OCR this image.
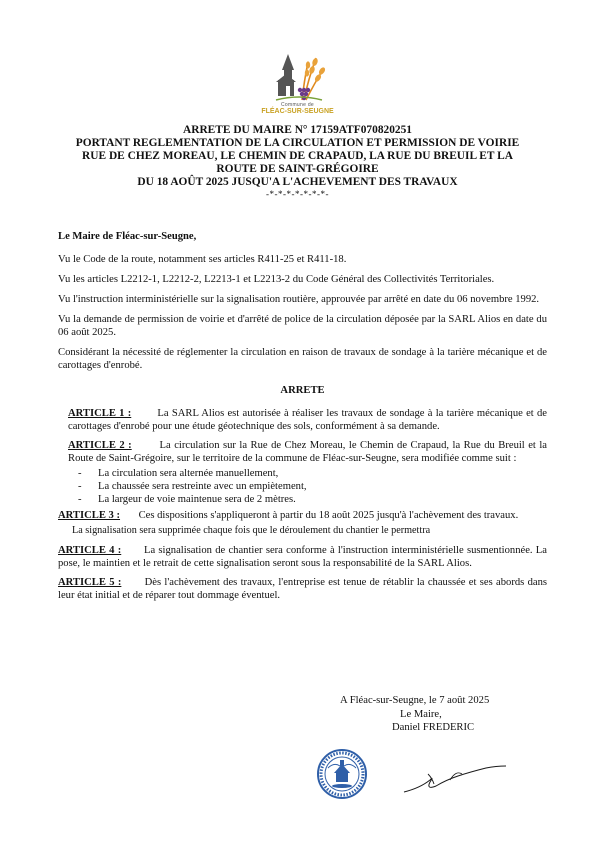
Commune de
FLÉAC-SUR-SEUGNE
ARRETE DU MAIRE N° 17159ATF070820251
PORTANT REGLEMENTATION DE LA CIRCULATION ET PERMISSION DE VOIRIE
RUE DE CHEZ MOREAU, LE CHEMIN DE CRAPAUD, LA RUE DU BREUIL ET LA
ROUTE DE SAINT-GRÉGOIRE
DU 18 AOÛT 2025 JUSQU'A L'ACHEVEMENT DES TRAVAUX
-*-*-*-*-*-*-*-

Le Maire de Fléac-sur-Seugne,

Vu le Code de la route, notamment ses articles R411-25 et R411-18.

Vu les articles L2212-1, L2212-2, L2213-1 et L2213-2 du Code Général des Collectivités Territoriales.

Vu l'instruction interministérielle sur la signalisation routière, approuvée par arrêté en date du 06 novembre 1992.

Vu la demande de permission de voirie et d'arrêté de police de la circulation déposée par la SARL Alios en date du 06 août 2025.

Considérant la nécessité de réglementer la circulation en raison de travaux de sondage à la tarière mécanique et de carottages d'enrobé.

ARRETE

ARTICLE 1 : La SARL Alios est autorisée à réaliser les travaux de sondage à la tarière mécanique et de carottages d'enrobé pour une étude géotechnique des sols, conformément à sa demande.

ARTICLE 2 :	La circulation sur la Rue de Chez Moreau, le Chemin de Crapaud, la Rue du Breuil et la Route de Saint-Grégoire, sur le territoire de la commune de Fléac-sur-Seugne, sera modifiée comme suit :

- La circulation sera alternée manuellement,
- La chaussée sera restreinte avec un empiètement,
- La largeur de voie maintenue sera de 2 mètres.

ARTICLE 3 : Ces dispositions s'appliqueront à partir du 18 août 2025 jusqu'à l'achèvement des travaux.

La signalisation sera supprimée chaque fois que le déroulement du chantier le permettra

ARTICLE 4 : La signalisation de chantier sera conforme à l'instruction interministérielle susmentionnée. La pose, le maintien et le retrait de cette signalisation seront sous la responsabilité de la SARL Alios.

ARTICLE 5 : Dès l'achèvement des travaux, l'entreprise est tenue de rétablir la chaussée et ses abords dans leur état initial et de réparer tout dommage éventuel.

A Fléac-sur-Seugne, le 7 août 2025
Le Maire,
Daniel FREDERIC
